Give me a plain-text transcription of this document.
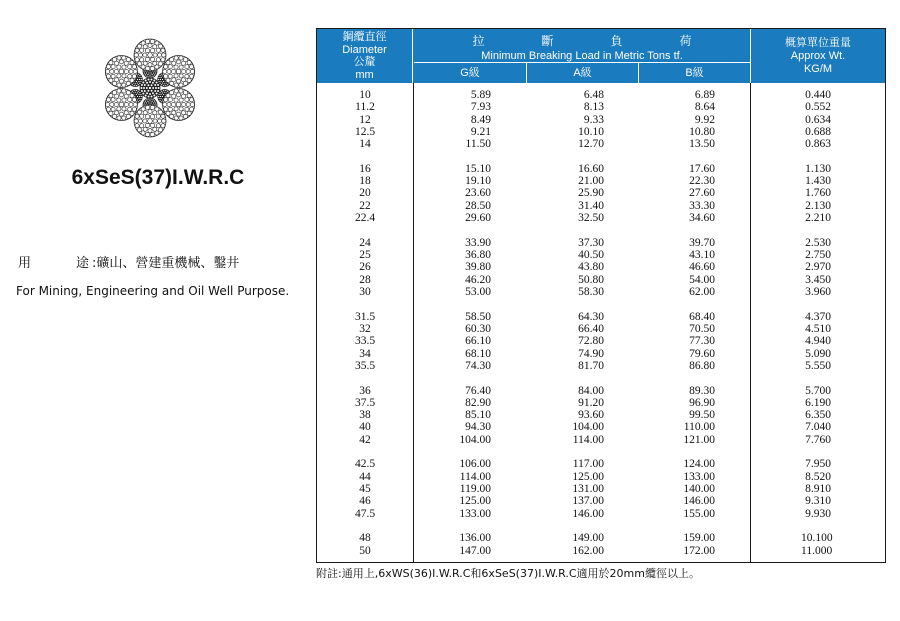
6xSeS(37)I.W.R.C
用	途 :礦山、營建重機械、鑿井
For Mining, Engineering and Oil Well Purpose.
鋼纜直徑
Diameter
公釐
mm
拉	斷	負	荷
Minimum Breaking Load in Metric Tons tf.
G級	A級	B級
概算單位重量
Approx Wt.
KG/M
10	5.89	6.48	6.89	0.440
11.2	7.93	8.13	8.64	0.552
12	8.49	9.33	9.92	0.634
12.5	9.21	10.10	10.80	0.688
14	11.50	12.70	13.50	0.863
16	15.10	16.60	17.60	1.130
18	19.10	21.00	22.30	1.430
20	23.60	25.90	27.60	1.760
22	28.50	31.40	33.30	2.130
22.4	29.60	32.50	34.60	2.210
24	33.90	37.30	39.70	2.530
25	36.80	40.50	43.10	2.750
26	39.80	43.80	46.60	2.970
28	46.20	50.80	54.00	3.450
30	53.00	58.30	62.00	3.960
31.5	58.50	64.30	68.40	4.370
32	60.30	66.40	70.50	4.510
33.5	66.10	72.80	77.30	4.940
34	68.10	74.90	79.60	5.090
35.5	74.30	81.70	86.80	5.550
36	76.40	84.00	89.30	5.700
37.5	82.90	91.20	96.90	6.190
38	85.10	93.60	99.50	6.350
40	94.30	104.00	110.00	7.040
42	104.00	114.00	121.00	7.760
42.5	106.00	117.00	124.00	7.950
44	114.00	125.00	133.00	8.520
45	119.00	131.00	140.00	8.910
46	125.00	137.00	146.00	9.310
47.5	133.00	146.00	155.00	9.930
48	136.00	149.00	159.00	10.100
50	147.00	162.00	172.00	11.000
附註:通用上,6xWS(36)I.W.R.C和6xSeS(37)I.W.R.C適用於20mm纜徑以上。
